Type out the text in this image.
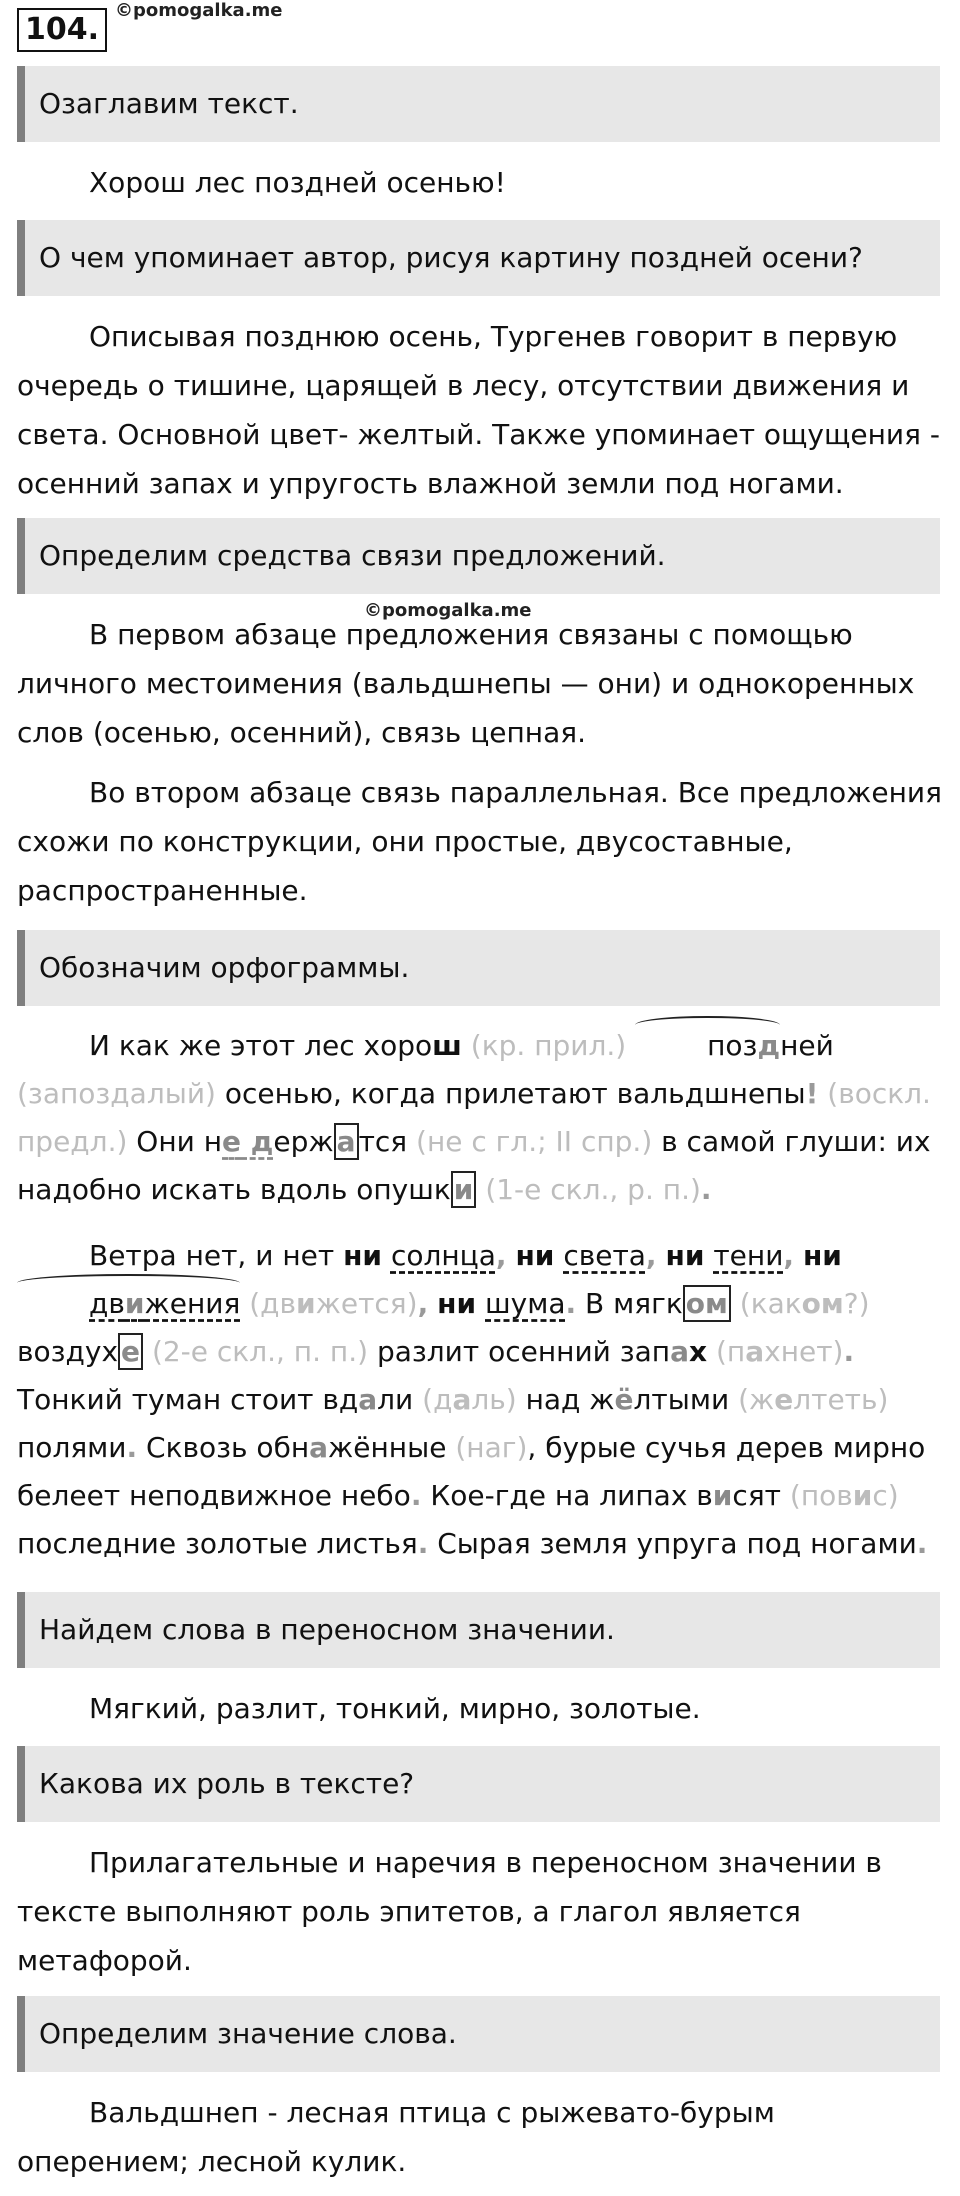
104.
©pomogalka.me
Озаглавим текст.

Хорош лес поздней осенью!

О чем упоминает автор, рисуя картину поздней осени?

Описывая позднюю осень, Тургенев говорит в первую очередь о тишине, царящей в лесу, отсутствии движения и света. Основной цвет- желтый. Также упоминает ощущения - осенний запах и упругость влажной земли под ногами.

Определим средства связи предложений.
©pomogalka.me

В первом абзаце предложения связаны с помощью личного местоимения (вальдшнепы — они) и однокоренных слов (осенью, осенний), связь цепная.

Во втором абзаце связь параллельная. Все предложения схожи по конструкции, они простые, двусоставные, распространенные.

Обозначим орфограммы.

И как же этот лес хорош (кр. прил.)	поздней (запоздалый) осенью, когда прилетают вальдшнепы! (воскл. предл.) Они не держ а тся (не с гл.; II спр.) в самой глуши: их надобно искать вдоль опушк и (1-е скл., р. п.).

Ветра нет, и нет ни солнца, ни света, ни тени, ни движения (движется), ни шума. В мягк ом (каком?) воздух е (2-е скл., п. п.) разлит осенний запах (пахнет). Тонкий туман стоит вдали (даль) над жёлтыми (желтеть) полями. Сквозь обнажённые (наг), бурые сучья дерев мирно белеет неподвижное небо. Кое-где на липах висят (повис) последние золотые листья. Сырая земля упруга под ногами.

Найдем слова в переносном значении.

Мягкий, разлит, тонкий, мирно, золотые.

Какова их роль в тексте?

Прилагательные и наречия в переносном значении в тексте выполняют роль эпитетов, а глагол является метафорой.

Определим значение слова.

Вальдшнеп - лесная птица с рыжевато-бурым оперением; лесной кулик.
